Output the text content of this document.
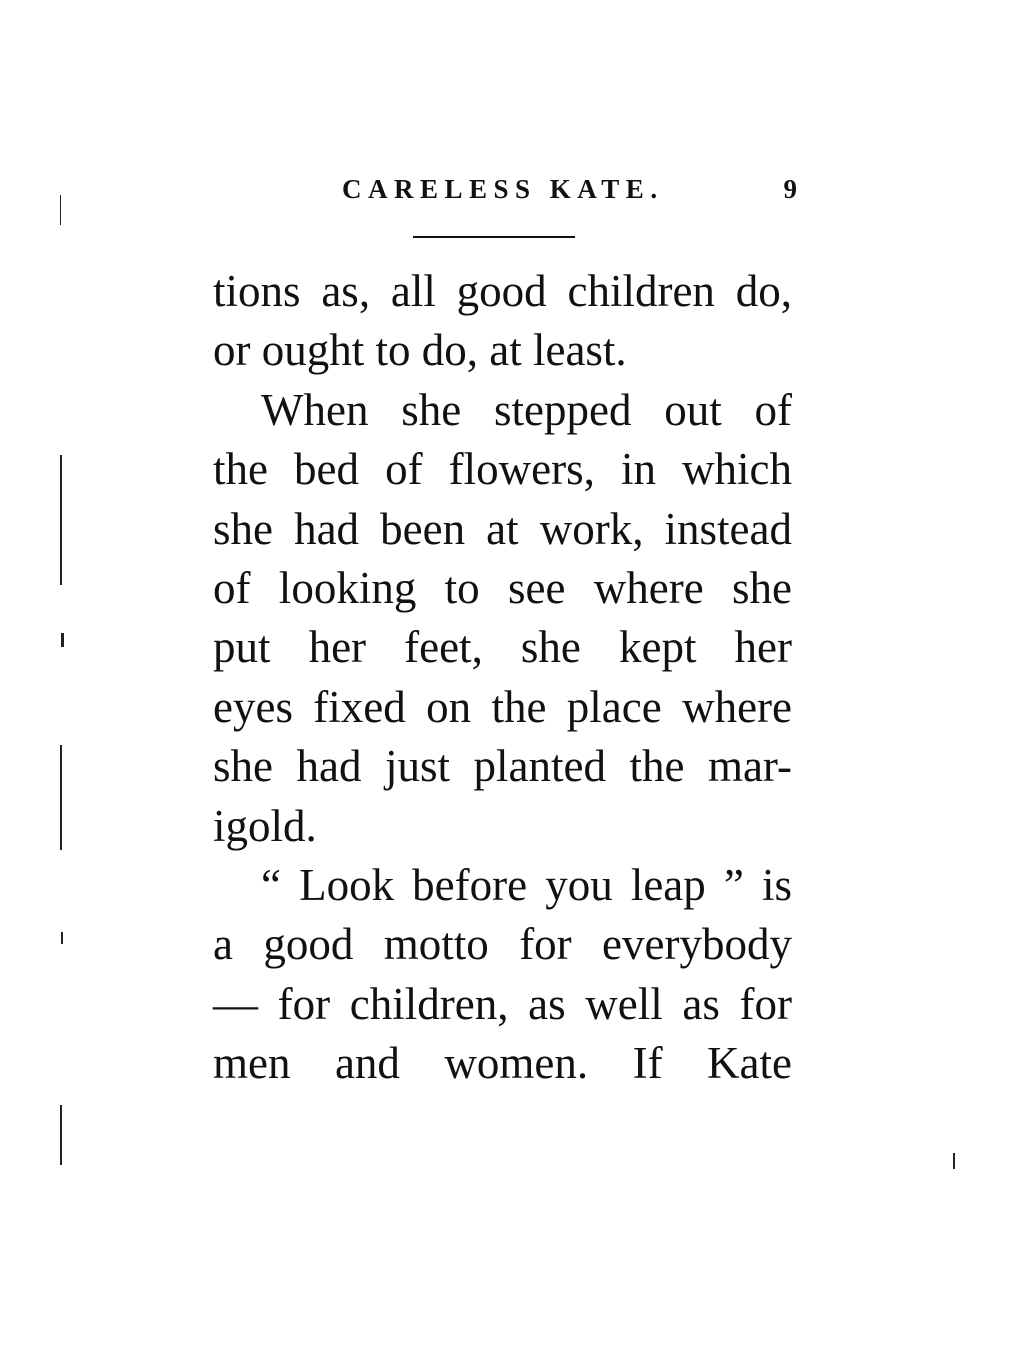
CARELESS KATE.	9
tions as, all good children do,
or ought to do, at least.
When she stepped out of
the bed of flowers, in which
she had been at work, instead
of looking to see where she
put her feet, she kept her
eyes fixed on the place where
she had just planted the mar-
igold.
“ Look before you leap ” is
a good motto for everybody
— for children, as well as for
men and women. If Kate
